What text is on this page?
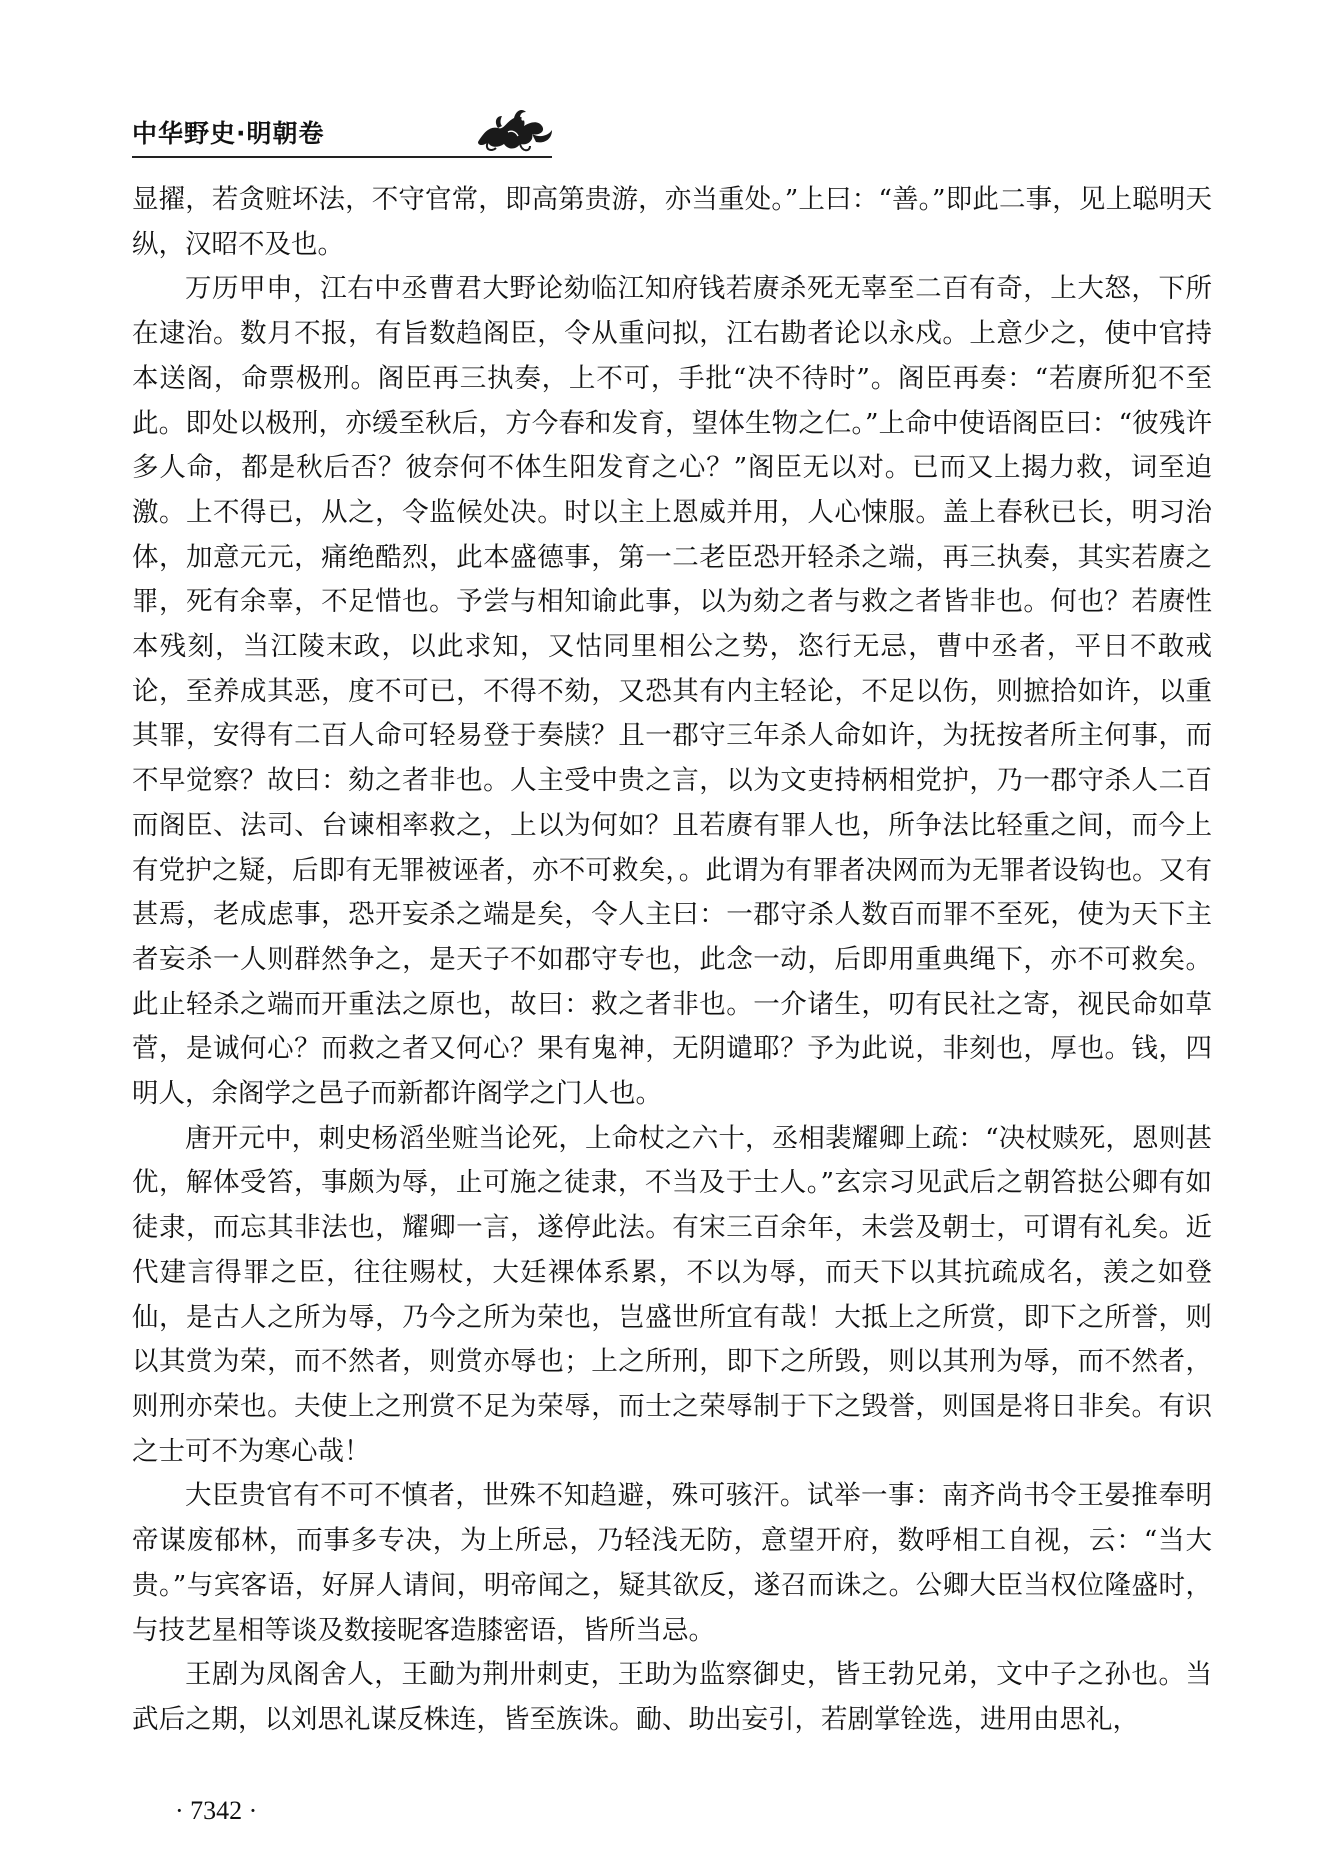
中华野史·明朝卷

显擢，若贪赃坏法，不守官常，即高第贵游，亦当重处。”上曰：“善。”即此二事，见上聪明天纵，汉昭不及也。

万历甲申，江右中丞曹君大野论劾临江知府钱若赓杀死无辜至二百有奇，上大怒，下所在逮治。数月不报，有旨数趋阁臣，令从重问拟，江右勘者论以永戍。上意少之，使中官持本送阁，命票极刑。阁臣再三执奏，上不可，手批“决不待时”。阁臣再奏：“若赓所犯不至此。即处以极刑，亦缓至秋后，方今春和发育，望体生物之仁。”上命中使语阁臣曰：“彼残许多人命，都是秋后否？彼奈何不体生阳发育之心？”阁臣无以对。已而又上揭力救，词至迫激。上不得已，从之，令监候处决。时以主上恩威并用，人心悚服。盖上春秋已长，明习治体，加意元元，痛绝酷烈，此本盛德事，第一二老臣恐开轻杀之端，再三执奏，其实若赓之罪，死有余辜，不足惜也。予尝与相知谕此事，以为劾之者与救之者皆非也。何也？若赓性本残刻，当江陵末政，以此求知，又怙同里相公之势，恣行无忌，曹中丞者，平日不敢戒论，至养成其恶，度不可已，不得不劾，又恐其有内主轻论，不足以伤，则摭拾如许，以重其罪，安得有二百人命可轻易登于奏牍？且一郡守三年杀人命如许，为抚按者所主何事，而不早觉察？故曰：劾之者非也。人主受中贵之言，以为文吏持柄相党护，乃一郡守杀人二百而阁臣、法司、台谏相率救之，上以为何如？且若赓有罪人也，所争法比轻重之间，而今上有党护之疑，后即有无罪被诬者，亦不可救矣，。此谓为有罪者决网而为无罪者设钩也。又有甚焉，老成虑事，恐开妄杀之端是矣，令人主曰：一郡守杀人数百而罪不至死，使为天下主者妄杀一人则群然争之，是天子不如郡守专也，此念一动，后即用重典绳下，亦不可救矣。此止轻杀之端而开重法之原也，故曰：救之者非也。一介诸生，叨有民社之寄，视民命如草菅，是诚何心？而救之者又何心？果有鬼神，无阴谴耶？予为此说，非刻也，厚也。钱，四明人，余阁学之邑子而新都许阁学之门人也。

唐开元中，刺史杨滔坐赃当论死，上命杖之六十，丞相裴耀卿上疏：“决杖赎死，恩则甚优，解体受笞，事颇为辱，止可施之徒隶，不当及于士人。”玄宗习见武后之朝笞挞公卿有如徒隶，而忘其非法也，耀卿一言，遂停此法。有宋三百余年，未尝及朝士，可谓有礼矣。近代建言得罪之臣，往往赐杖，大廷裸体系累，不以为辱，而天下以其抗疏成名，羡之如登仙，是古人之所为辱，乃今之所为荣也，岂盛世所宜有哉！大抵上之所赏，即下之所誉，则以其赏为荣，而不然者，则赏亦辱也；上之所刑，即下之所毁，则以其刑为辱，而不然者，则刑亦荣也。夫使上之刑赏不足为荣辱，而士之荣辱制于下之毁誉，则国是将日非矣。有识之士可不为寒心哉！

大臣贵官有不可不慎者，世殊不知趋避，殊可骇汗。试举一事：南齐尚书令王晏推奉明帝谋废郁林，而事多专决，为上所忌，乃轻浅无防，意望开府，数呼相工自视，云：“当大贵。”与宾客语，好屏人请间，明帝闻之，疑其欲反，遂召而诛之。公卿大臣当权位隆盛时，与技艺星相等谈及数接昵客造膝密语，皆所当忌。

王剧为凤阁舍人，王勔为荆卅刺吏，王助为监察御史，皆王勃兄弟，文中子之孙也。当武后之期，以刘思礼谋反株连，皆至族诛。勔、助出妄引，若剧掌铨选，进用由思礼，

· 7342 ·
